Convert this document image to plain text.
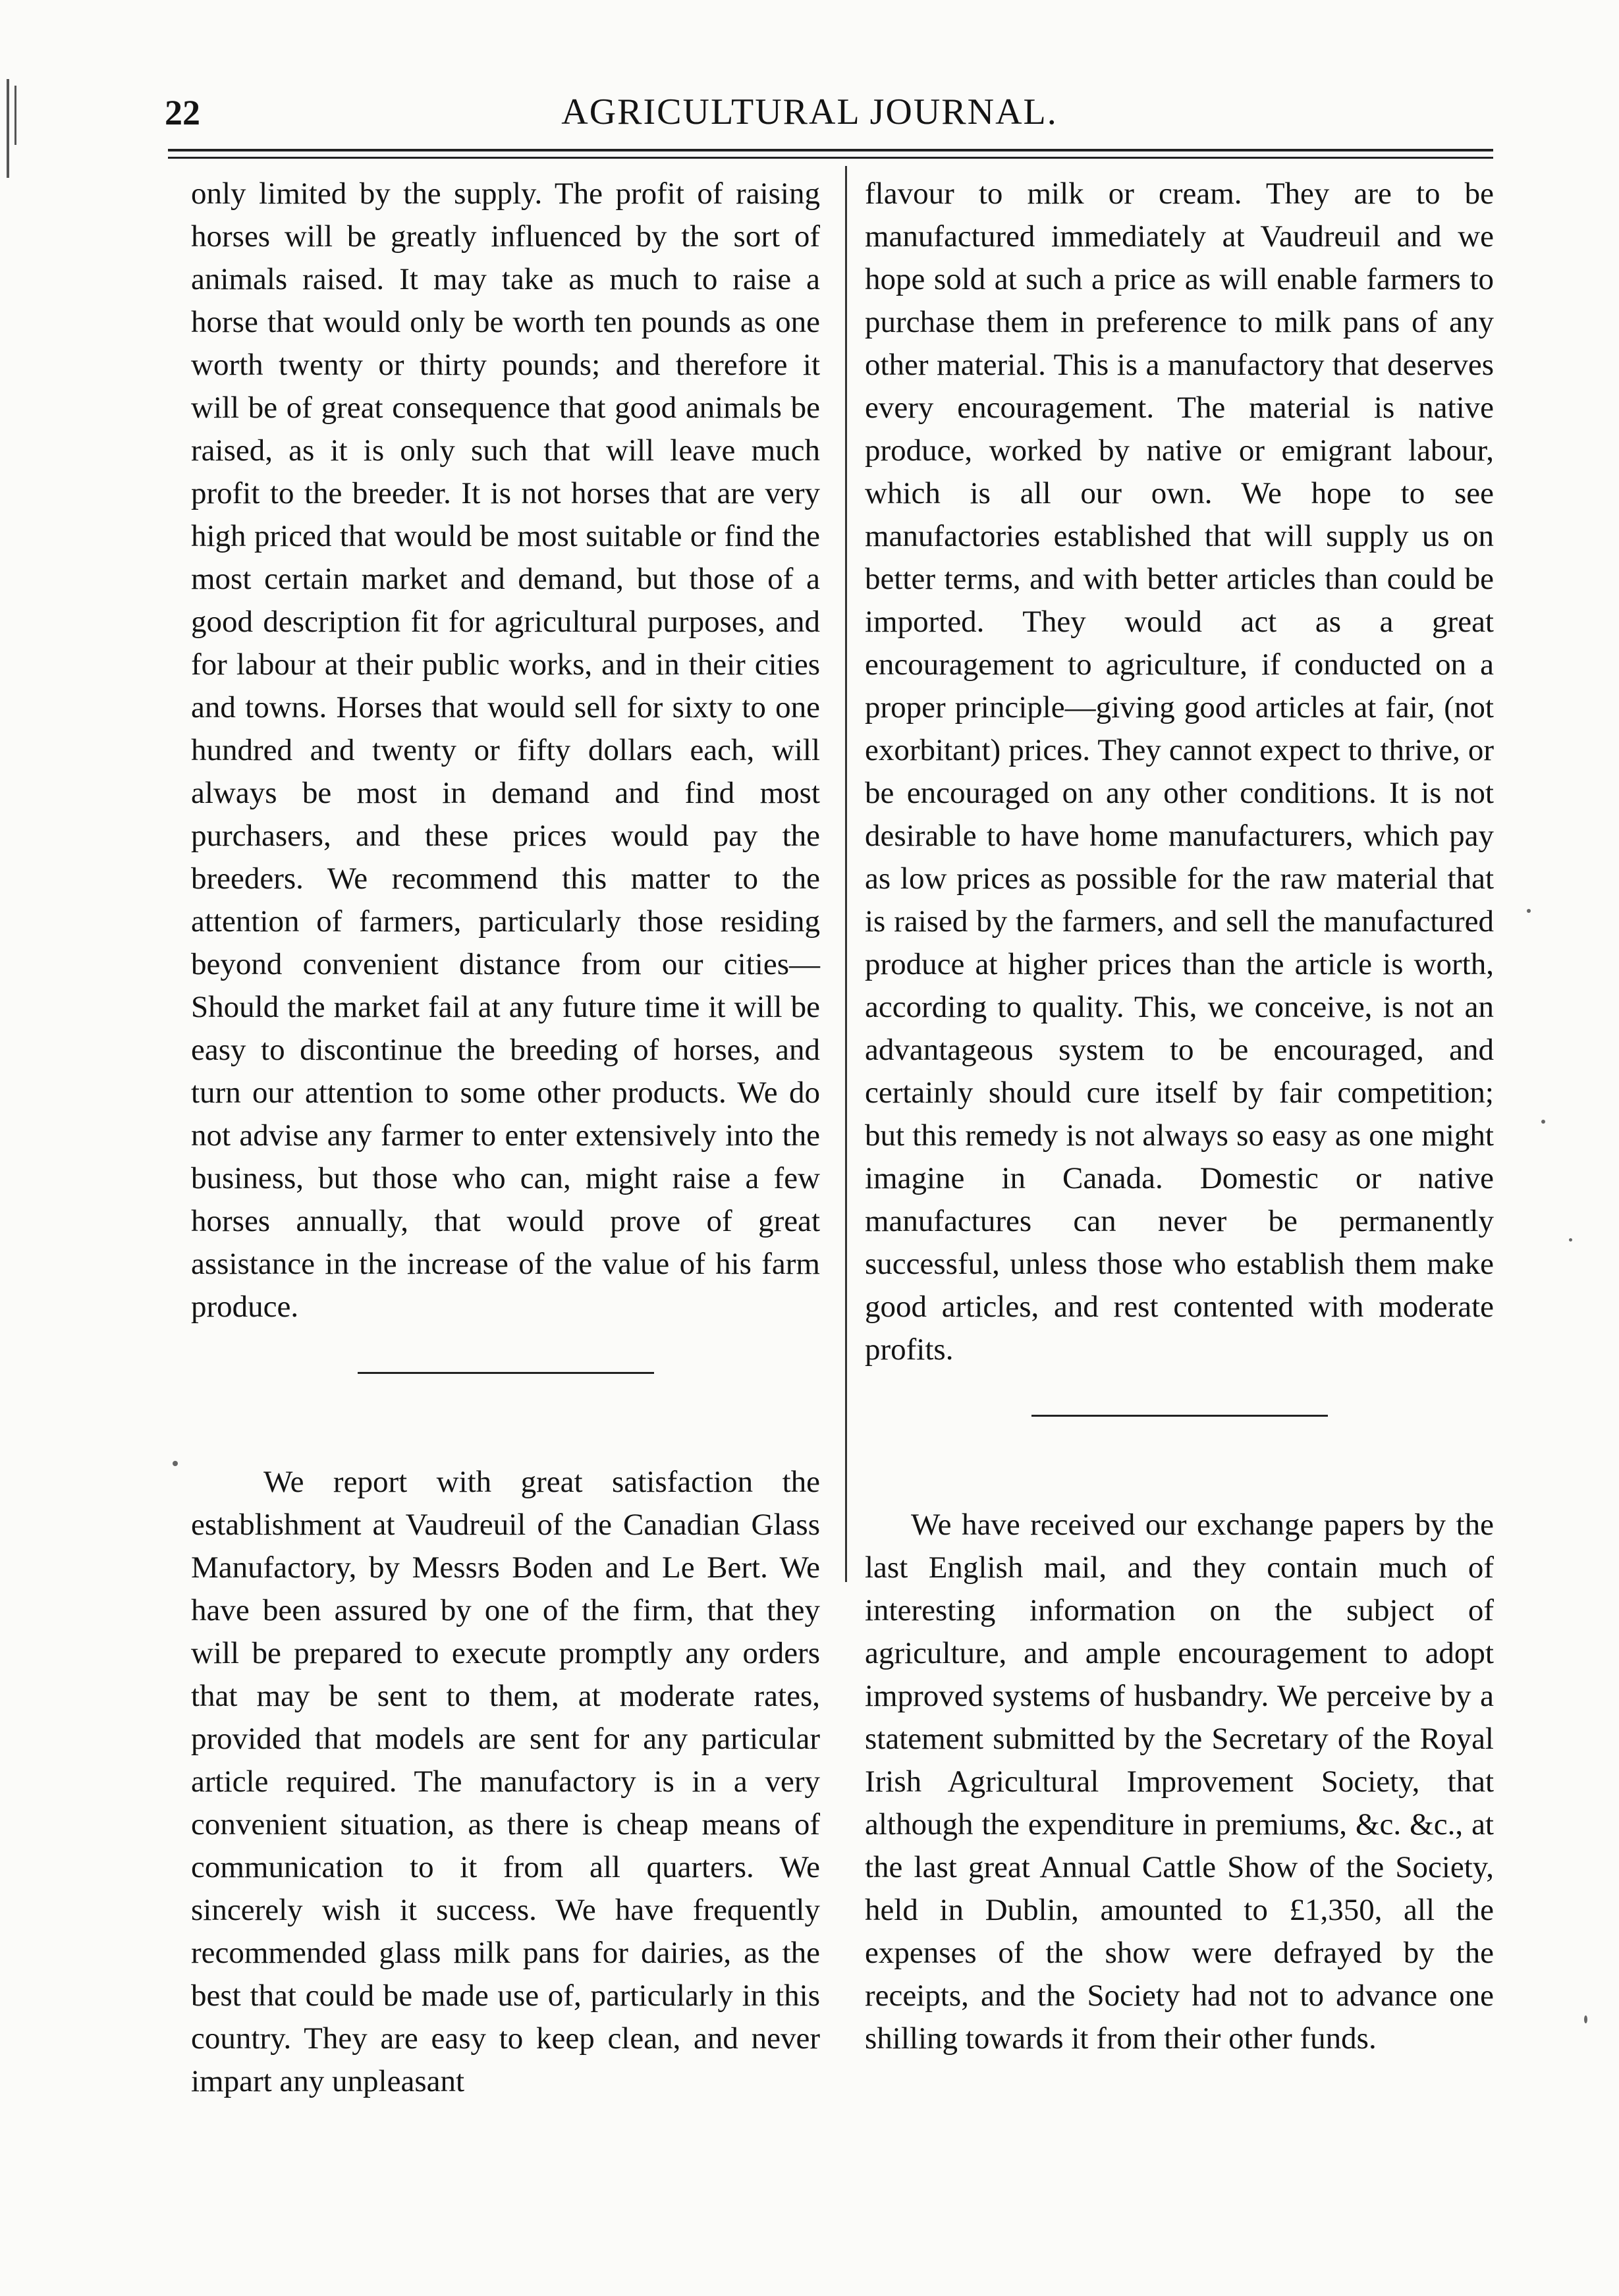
22	AGRICULTURAL JOURNAL.

only limited by the supply. The profit of raising horses will be greatly influenced by the sort of animals raised. It may take as much to raise a horse that would only be worth ten pounds as one worth twenty or thirty pounds; and therefore it will be of great consequence that good animals be raised, as it is only such that will leave much profit to the breeder. It is not horses that are very high priced that would be most suitable or find the most certain market and demand, but those of a good description fit for agricultural purposes, and for labour at their public works, and in their cities and towns. Horses that would sell for sixty to one hundred and twenty or fifty dollars each, will always be most in demand and find most purchasers, and these prices would pay the breeders. We recommend this matter to the attention of farmers, particularly those residing beyond convenient distance from our cities— Should the market fail at any future time it will be easy to discontinue the breeding of horses, and turn our attention to some other products. We do not advise any farmer to enter extensively into the business, but those who can, might raise a few horses annually, that would prove of great assistance in the increase of the value of his farm produce.

We report with great satisfaction the establishment at Vaudreuil of the Canadian Glass Manufactory, by Messrs Boden and Le Bert. We have been assured by one of the firm, that they will be prepared to execute promptly any orders that may be sent to them, at moderate rates, provided that models are sent for any particular article required. The manufactory is in a very convenient situation, as there is cheap means of communication to it from all quarters. We sincerely wish it success. We have frequently recommended glass milk pans for dairies, as the best that could be made use of, particularly in this country. They are easy to keep clean, and never impart any unpleasant

flavour to milk or cream. They are to be manufactured immediately at Vaudreuil and we hope sold at such a price as will enable farmers to purchase them in preference to milk pans of any other material. This is a manufactory that deserves every encouragement. The material is native produce, worked by native or emigrant labour, which is all our own. We hope to see manufactories established that will supply us on better terms, and with better articles than could be imported. They would act as a great encouragement to agriculture, if conducted on a proper principle—giving good articles at fair, (not exorbitant) prices. They cannot expect to thrive, or be encouraged on any other conditions. It is not desirable to have home manufacturers, which pay as low prices as possible for the raw material that is raised by the farmers, and sell the manufactured produce at higher prices than the article is worth, according to quality. This, we conceive, is not an advantageous system to be encouraged, and certainly should cure itself by fair competition; but this remedy is not always so easy as one might imagine in Canada. Domestic or native manufactures can never be permanently successful, unless those who establish them make good articles, and rest contented with moderate profits.

We have received our exchange papers by the last English mail, and they contain much of interesting information on the subject of agriculture, and ample encouragement to adopt improved systems of husbandry. We perceive by a statement submitted by the Secretary of the Royal Irish Agricultural Improvement Society, that although the expenditure in premiums, &c. &c., at the last great Annual Cattle Show of the Society, held in Dublin, amounted to £1,350, all the expenses of the show were defrayed by the receipts, and the Society had not to advance one shilling towards it from their other funds.
